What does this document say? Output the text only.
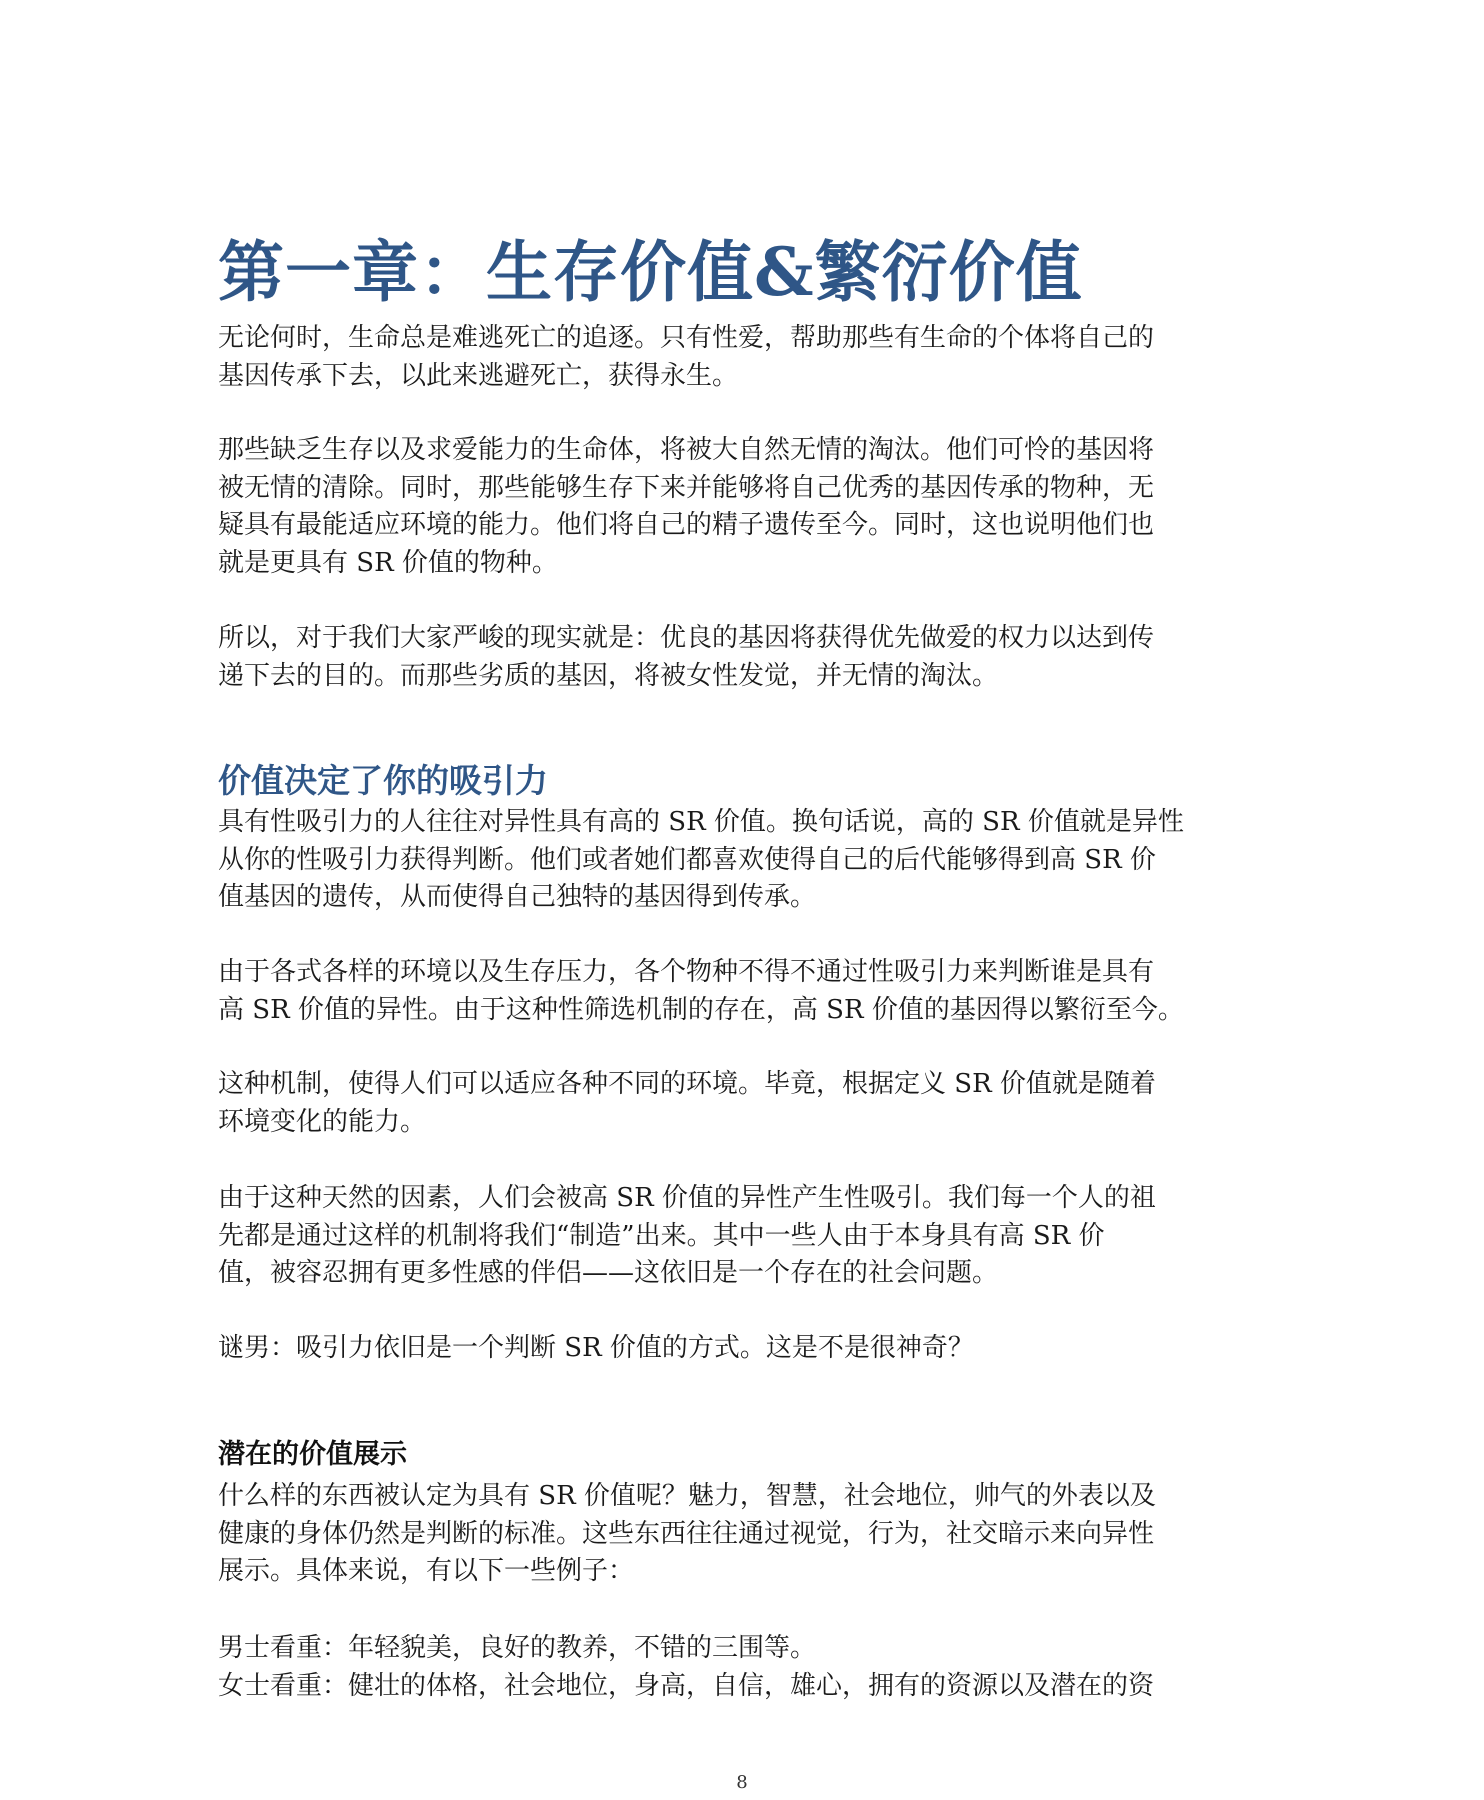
第一章：生存价值&繁衍价值

无论何时，生命总是难逃死亡的追逐。只有性爱，帮助那些有生命的个体将自己的
基因传承下去，以此来逃避死亡，获得永生。

那些缺乏生存以及求爱能力的生命体，将被大自然无情的淘汰。他们可怜的基因将
被无情的清除。同时，那些能够生存下来并能够将自己优秀的基因传承的物种，无
疑具有最能适应环境的能力。他们将自己的精子遗传至今。同时，这也说明他们也
就是更具有 SR 价值的物种。

所以，对于我们大家严峻的现实就是：优良的基因将获得优先做爱的权力以达到传
递下去的目的。而那些劣质的基因，将被女性发觉，并无情的淘汰。

价值决定了你的吸引力

具有性吸引力的人往往对异性具有高的 SR 价值。换句话说，高的 SR 价值就是异性
从你的性吸引力获得判断。他们或者她们都喜欢使得自己的后代能够得到高 SR 价
值基因的遗传，从而使得自己独特的基因得到传承。

由于各式各样的环境以及生存压力，各个物种不得不通过性吸引力来判断谁是具有
高 SR 价值的异性。由于这种性筛选机制的存在，高 SR 价值的基因得以繁衍至今。

这种机制，使得人们可以适应各种不同的环境。毕竟，根据定义 SR 价值就是随着
环境变化的能力。

由于这种天然的因素，人们会被高 SR 价值的异性产生性吸引。我们每一个人的祖
先都是通过这样的机制将我们“制造”出来。其中一些人由于本身具有高 SR 价
值，被容忍拥有更多性感的伴侣——这依旧是一个存在的社会问题。

谜男：吸引力依旧是一个判断 SR 价值的方式。这是不是很神奇？

潜在的价值展示

什么样的东西被认定为具有 SR 价值呢？魅力，智慧，社会地位，帅气的外表以及
健康的身体仍然是判断的标准。这些东西往往通过视觉，行为，社交暗示来向异性
展示。具体来说，有以下一些例子：

男士看重：年轻貌美，良好的教养，不错的三围等。
女士看重：健壮的体格，社会地位，身高，自信，雄心，拥有的资源以及潜在的资

8
